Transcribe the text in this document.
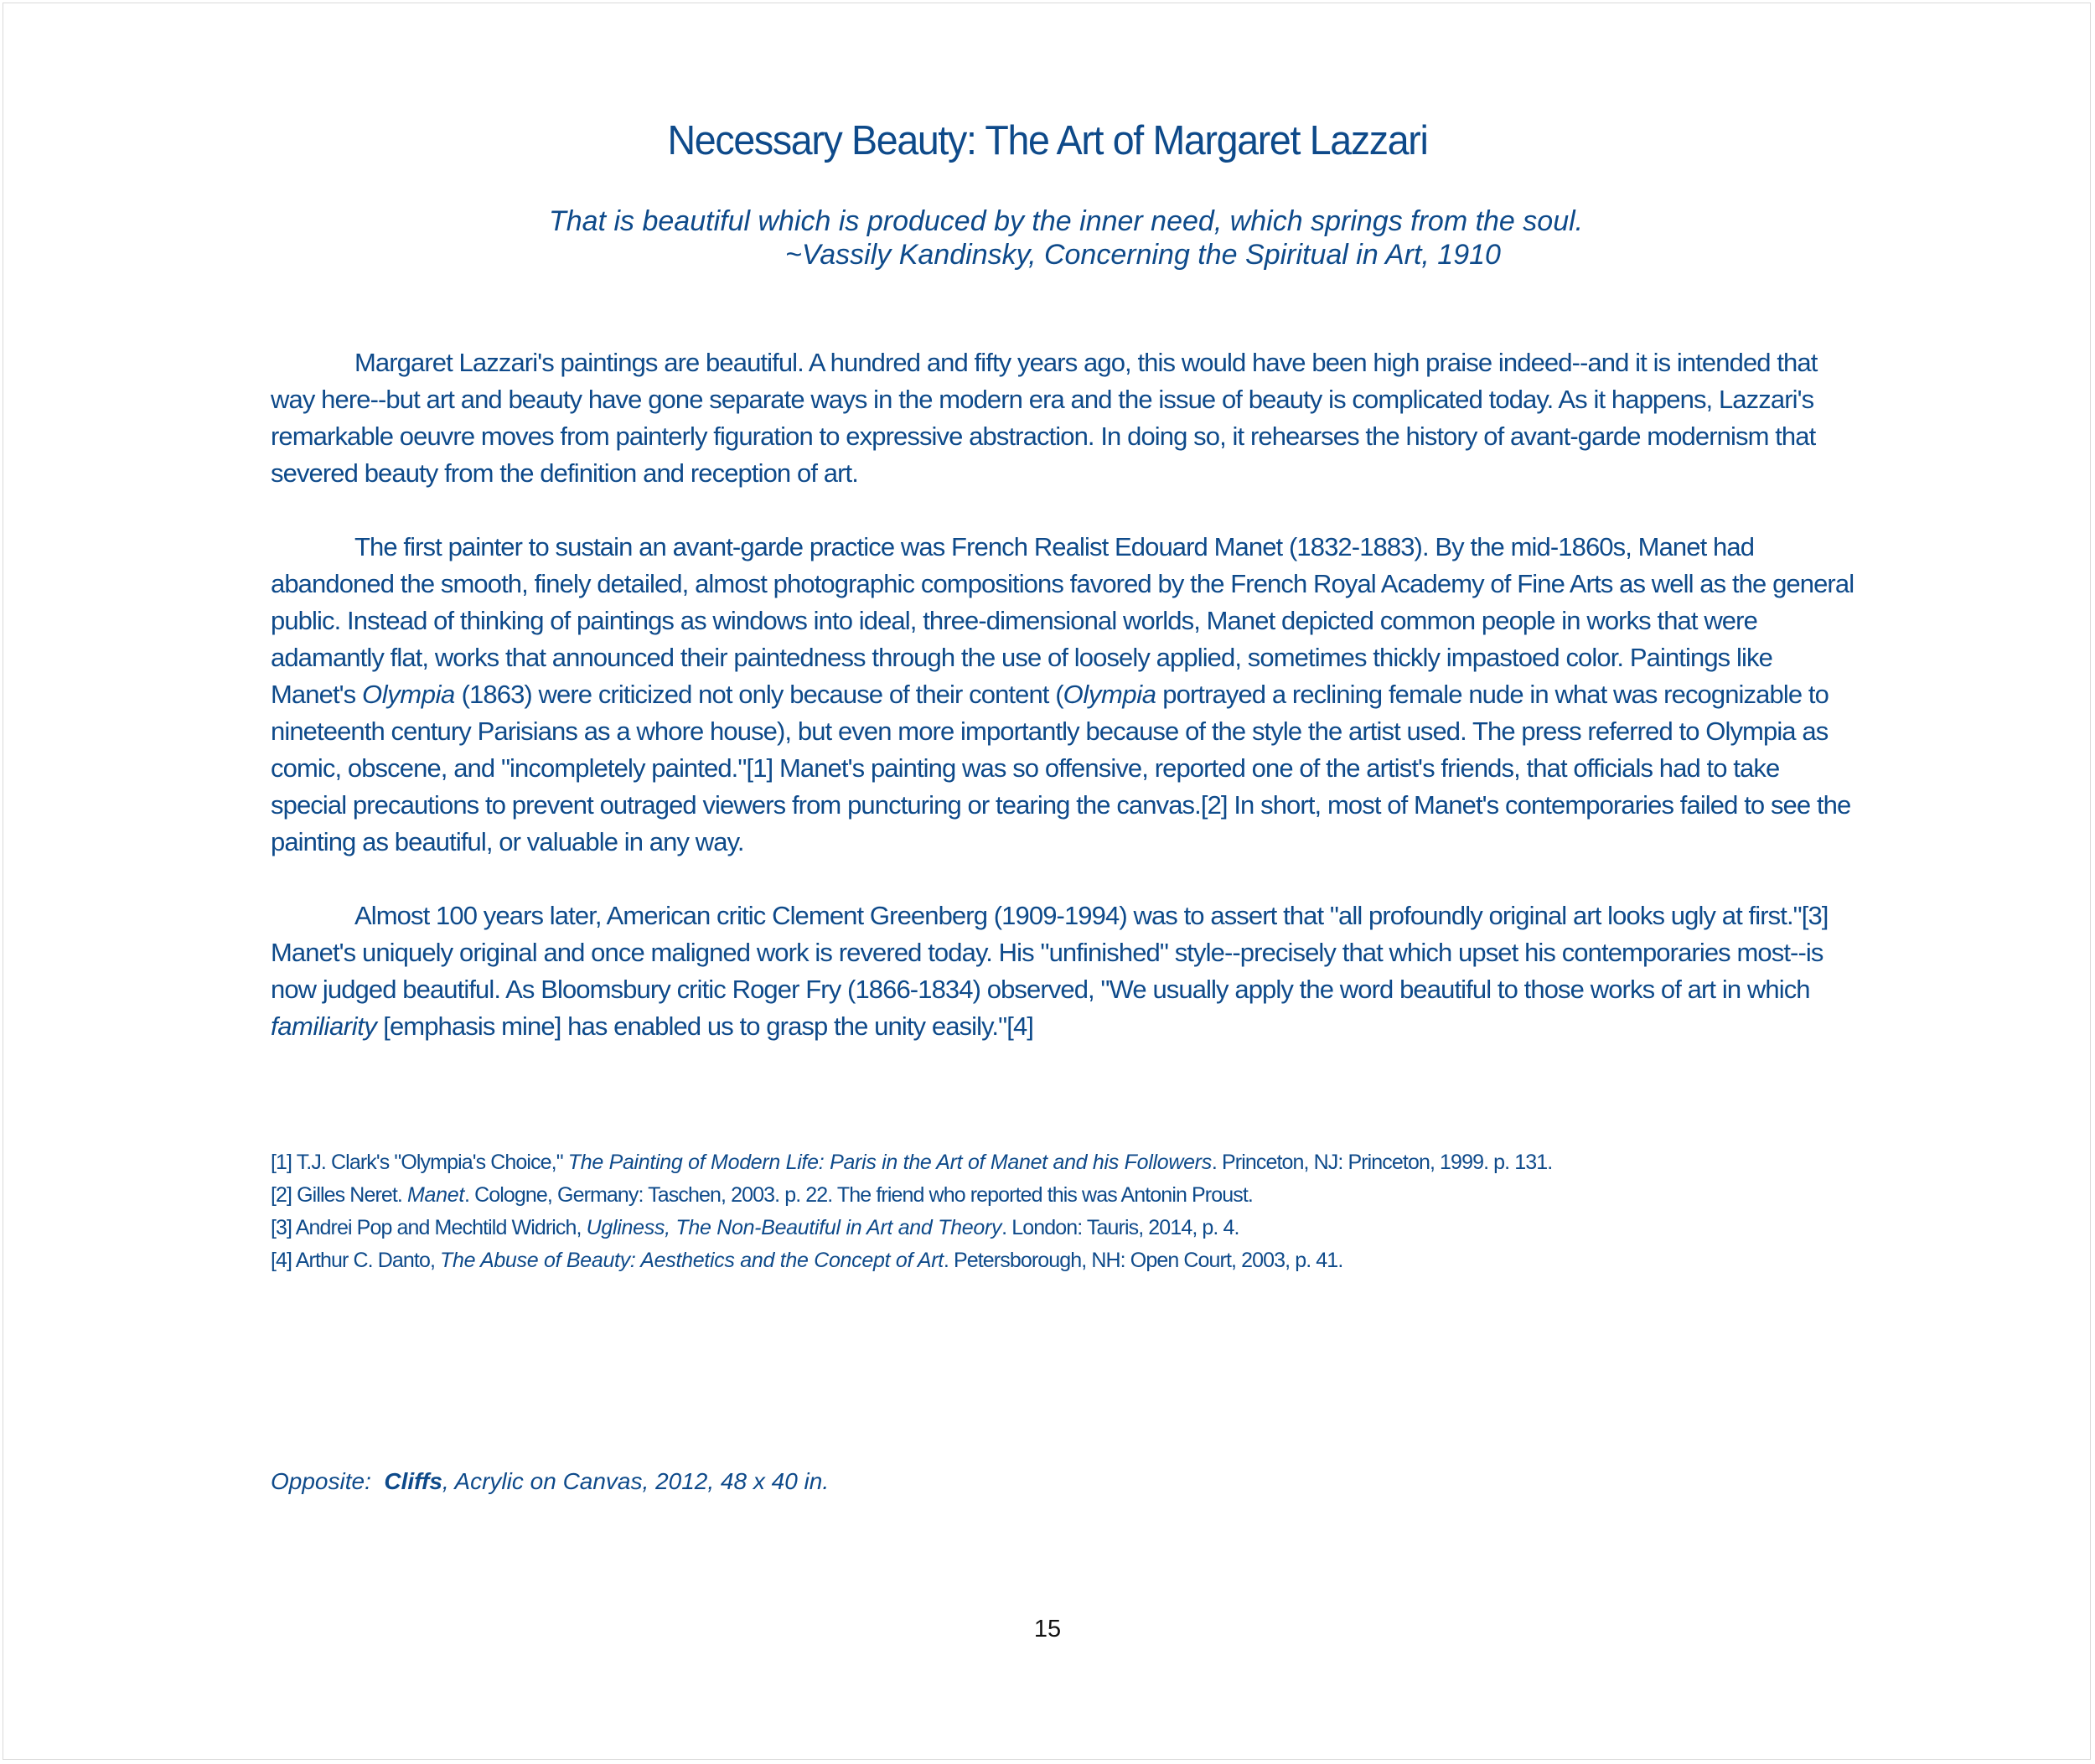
Necessary Beauty: The Art of Margaret Lazzari
That is beautiful which is produced by the inner need, which springs from the soul.
~Vassily Kandinsky, Concerning the Spiritual in Art, 1910

Margaret Lazzari's paintings are beautiful. A hundred and fifty years ago, this would have been high praise indeed--and it is intended that way here--but art and beauty have gone separate ways in the modern era and the issue of beauty is complicated today. As it happens, Lazzari's remarkable oeuvre moves from painterly figuration to expressive abstraction. In doing so, it rehearses the history of avant-garde modernism that severed beauty from the definition and reception of art.

The first painter to sustain an avant-garde practice was French Realist Edouard Manet (1832-1883). By the mid-1860s, Manet had abandoned the smooth, finely detailed, almost photographic compositions favored by the French Royal Academy of Fine Arts as well as the general public. Instead of thinking of paintings as windows into ideal, three-dimensional worlds, Manet depicted common people in works that were adamantly flat, works that announced their paintedness through the use of loosely applied, sometimes thickly impastoed color. Paintings like Manet's Olympia (1863) were criticized not only because of their content (Olympia portrayed a reclining female nude in what was recognizable to nineteenth century Parisians as a whore house), but even more importantly because of the style the artist used. The press referred to Olympia as comic, obscene, and "incompletely painted."[1] Manet's painting was so offensive, reported one of the artist's friends, that officials had to take special precautions to prevent outraged viewers from puncturing or tearing the canvas.[2] In short, most of Manet's contemporaries failed to see the painting as beautiful, or valuable in any way.

Almost 100 years later, American critic Clement Greenberg (1909-1994) was to assert that "all profoundly original art looks ugly at first."[3] Manet's uniquely original and once maligned work is revered today. His "unfinished" style--precisely that which upset his contemporaries most--is now judged beautiful. As Bloomsbury critic Roger Fry (1866-1834) observed, "We usually apply the word beautiful to those works of art in which familiarity [emphasis mine] has enabled us to grasp the unity easily."[4]

[1] T.J. Clark's "Olympia's Choice," The Painting of Modern Life: Paris in the Art of Manet and his Followers. Princeton, NJ: Princeton, 1999. p. 131.
[2] Gilles Neret. Manet. Cologne, Germany: Taschen, 2003. p. 22. The friend who reported this was Antonin Proust.
[3] Andrei Pop and Mechtild Widrich, Ugliness, The Non-Beautiful in Art and Theory. London: Tauris, 2014, p. 4.
[4] Arthur C. Danto, The Abuse of Beauty: Aesthetics and the Concept of Art. Petersborough, NH: Open Court, 2003, p. 41.
Opposite:  Cliffs, Acrylic on Canvas, 2012, 48 x 40 in.
15
